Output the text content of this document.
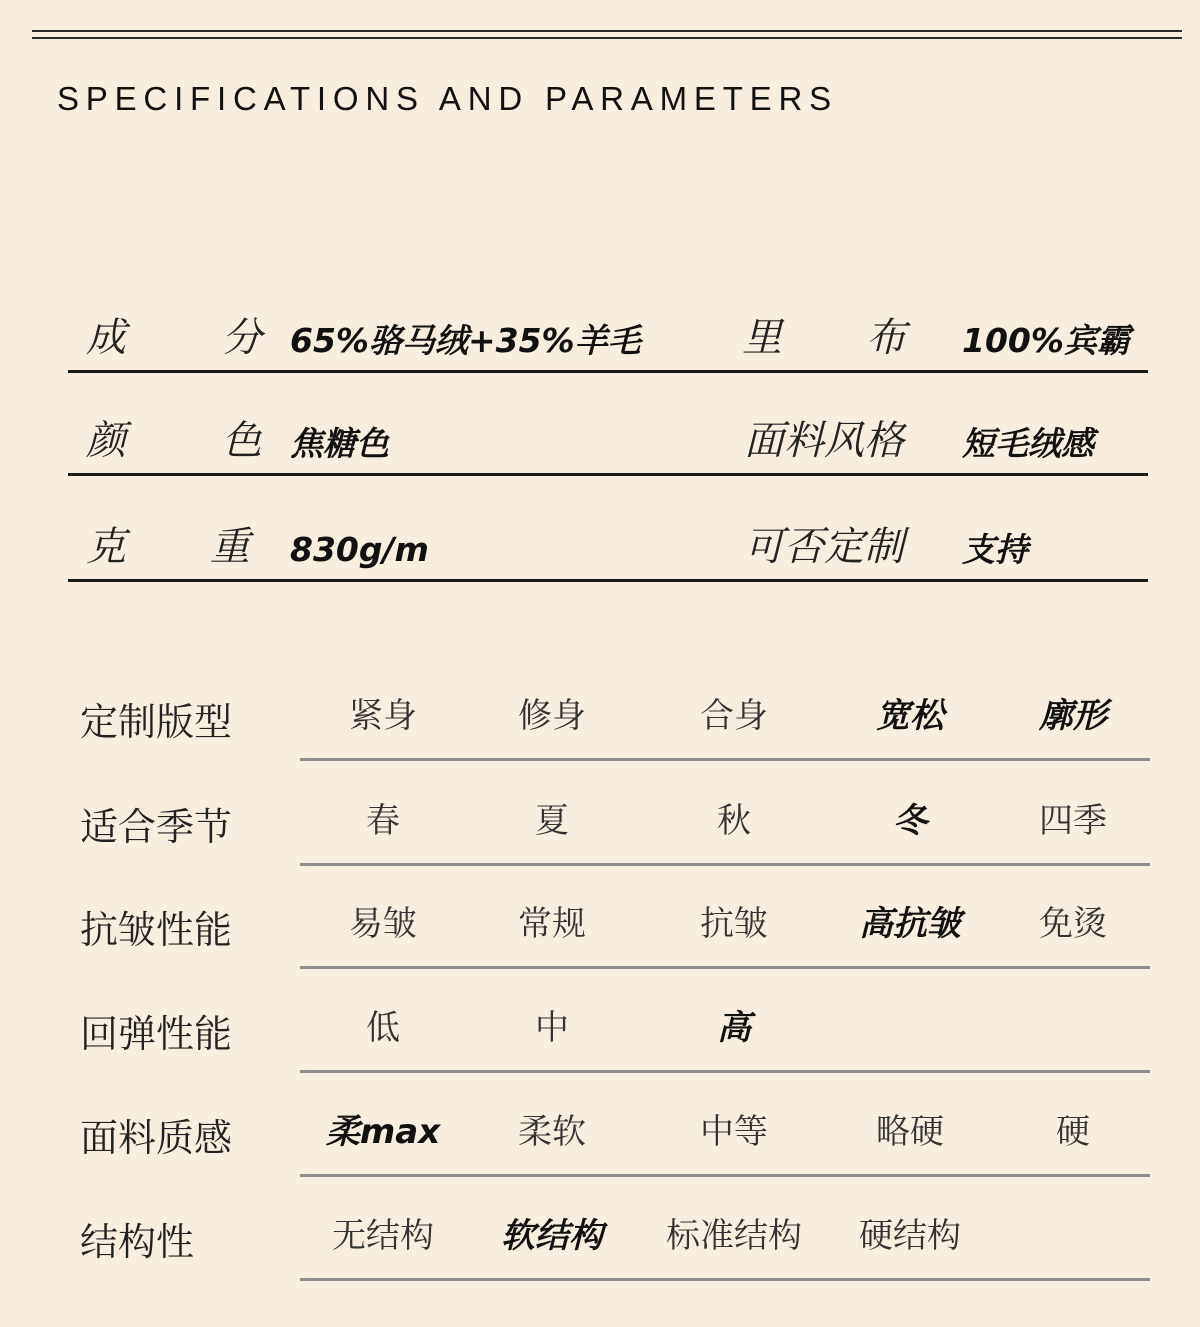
SPECIFICATIONS AND PARAMETERS
成 分 65%骆马绒+35%羊毛	里 布 100%宾霸
颜 色 焦糖色	面料风格 短毛绒感
克 重 830g/m	可否定制 支持
定制版型	紧身	修身	合身	宽松	廓形
适合季节	春	夏	秋	冬	四季
抗皱性能	易皱	常规	抗皱	高抗皱	免烫
回弹性能	低	中	高
面料质感	柔max	柔软	中等	略硬	硬
结构性	无结构	软结构	标准结构	硬结构
